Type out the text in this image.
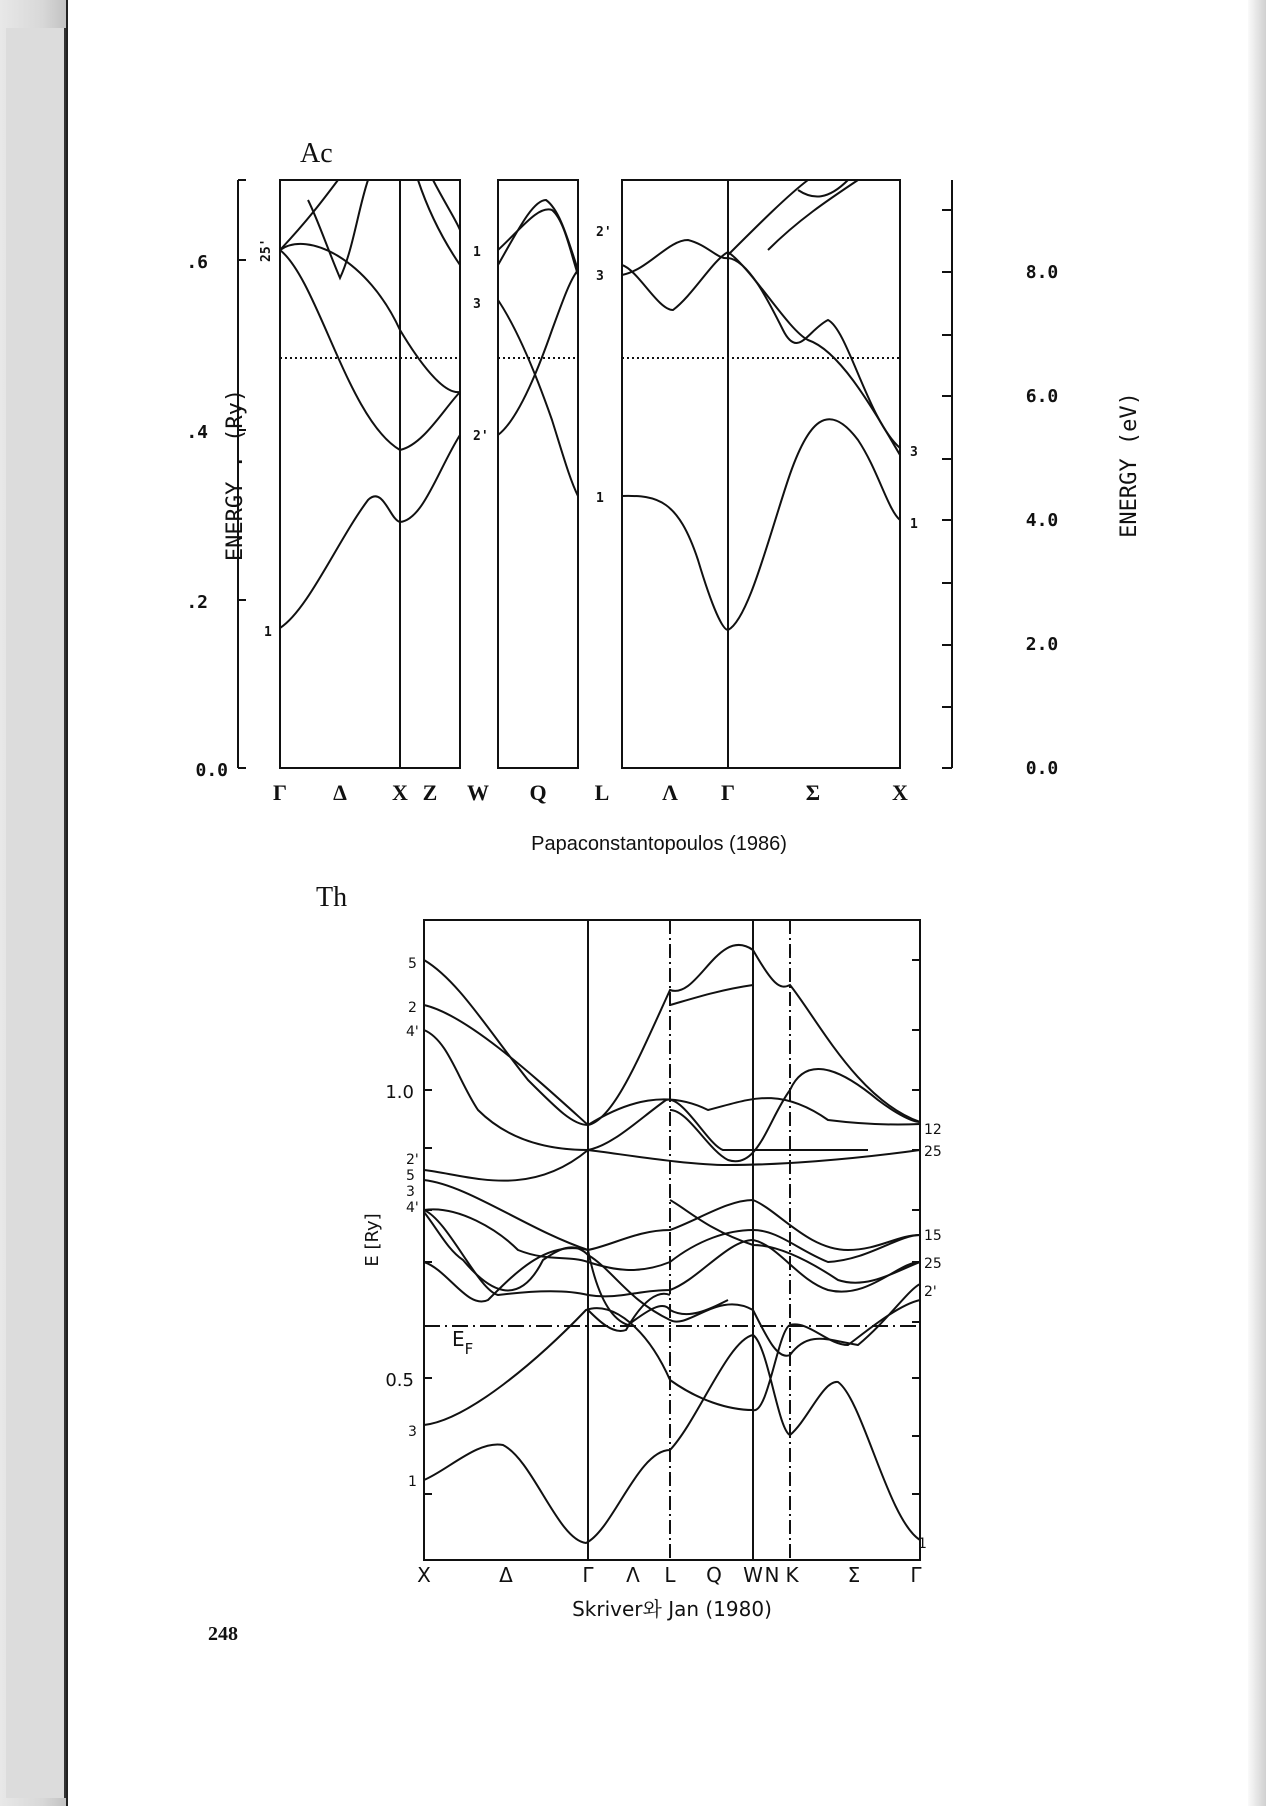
Ac
.6
.4
.2
0.0
8.0
6.0
4.0
2.0
0.0
ENERGY . (Ry)	ENERGY (eV)
Γ Δ X Z W Q L Λ Γ	Σ	X
1
3
2'
1
2'
3
1
3
1
25'
Papaconstantopoulos (1986)
Th
1.0
0.5
E [Ry]
X	Δ	Γ Λ L Q W N K Σ	Γ
$E_F$
5
2
4'
2'
5
3
4'
3
1
12
25
15
25
2'
1
Skriver와 Jan (1980)
248
